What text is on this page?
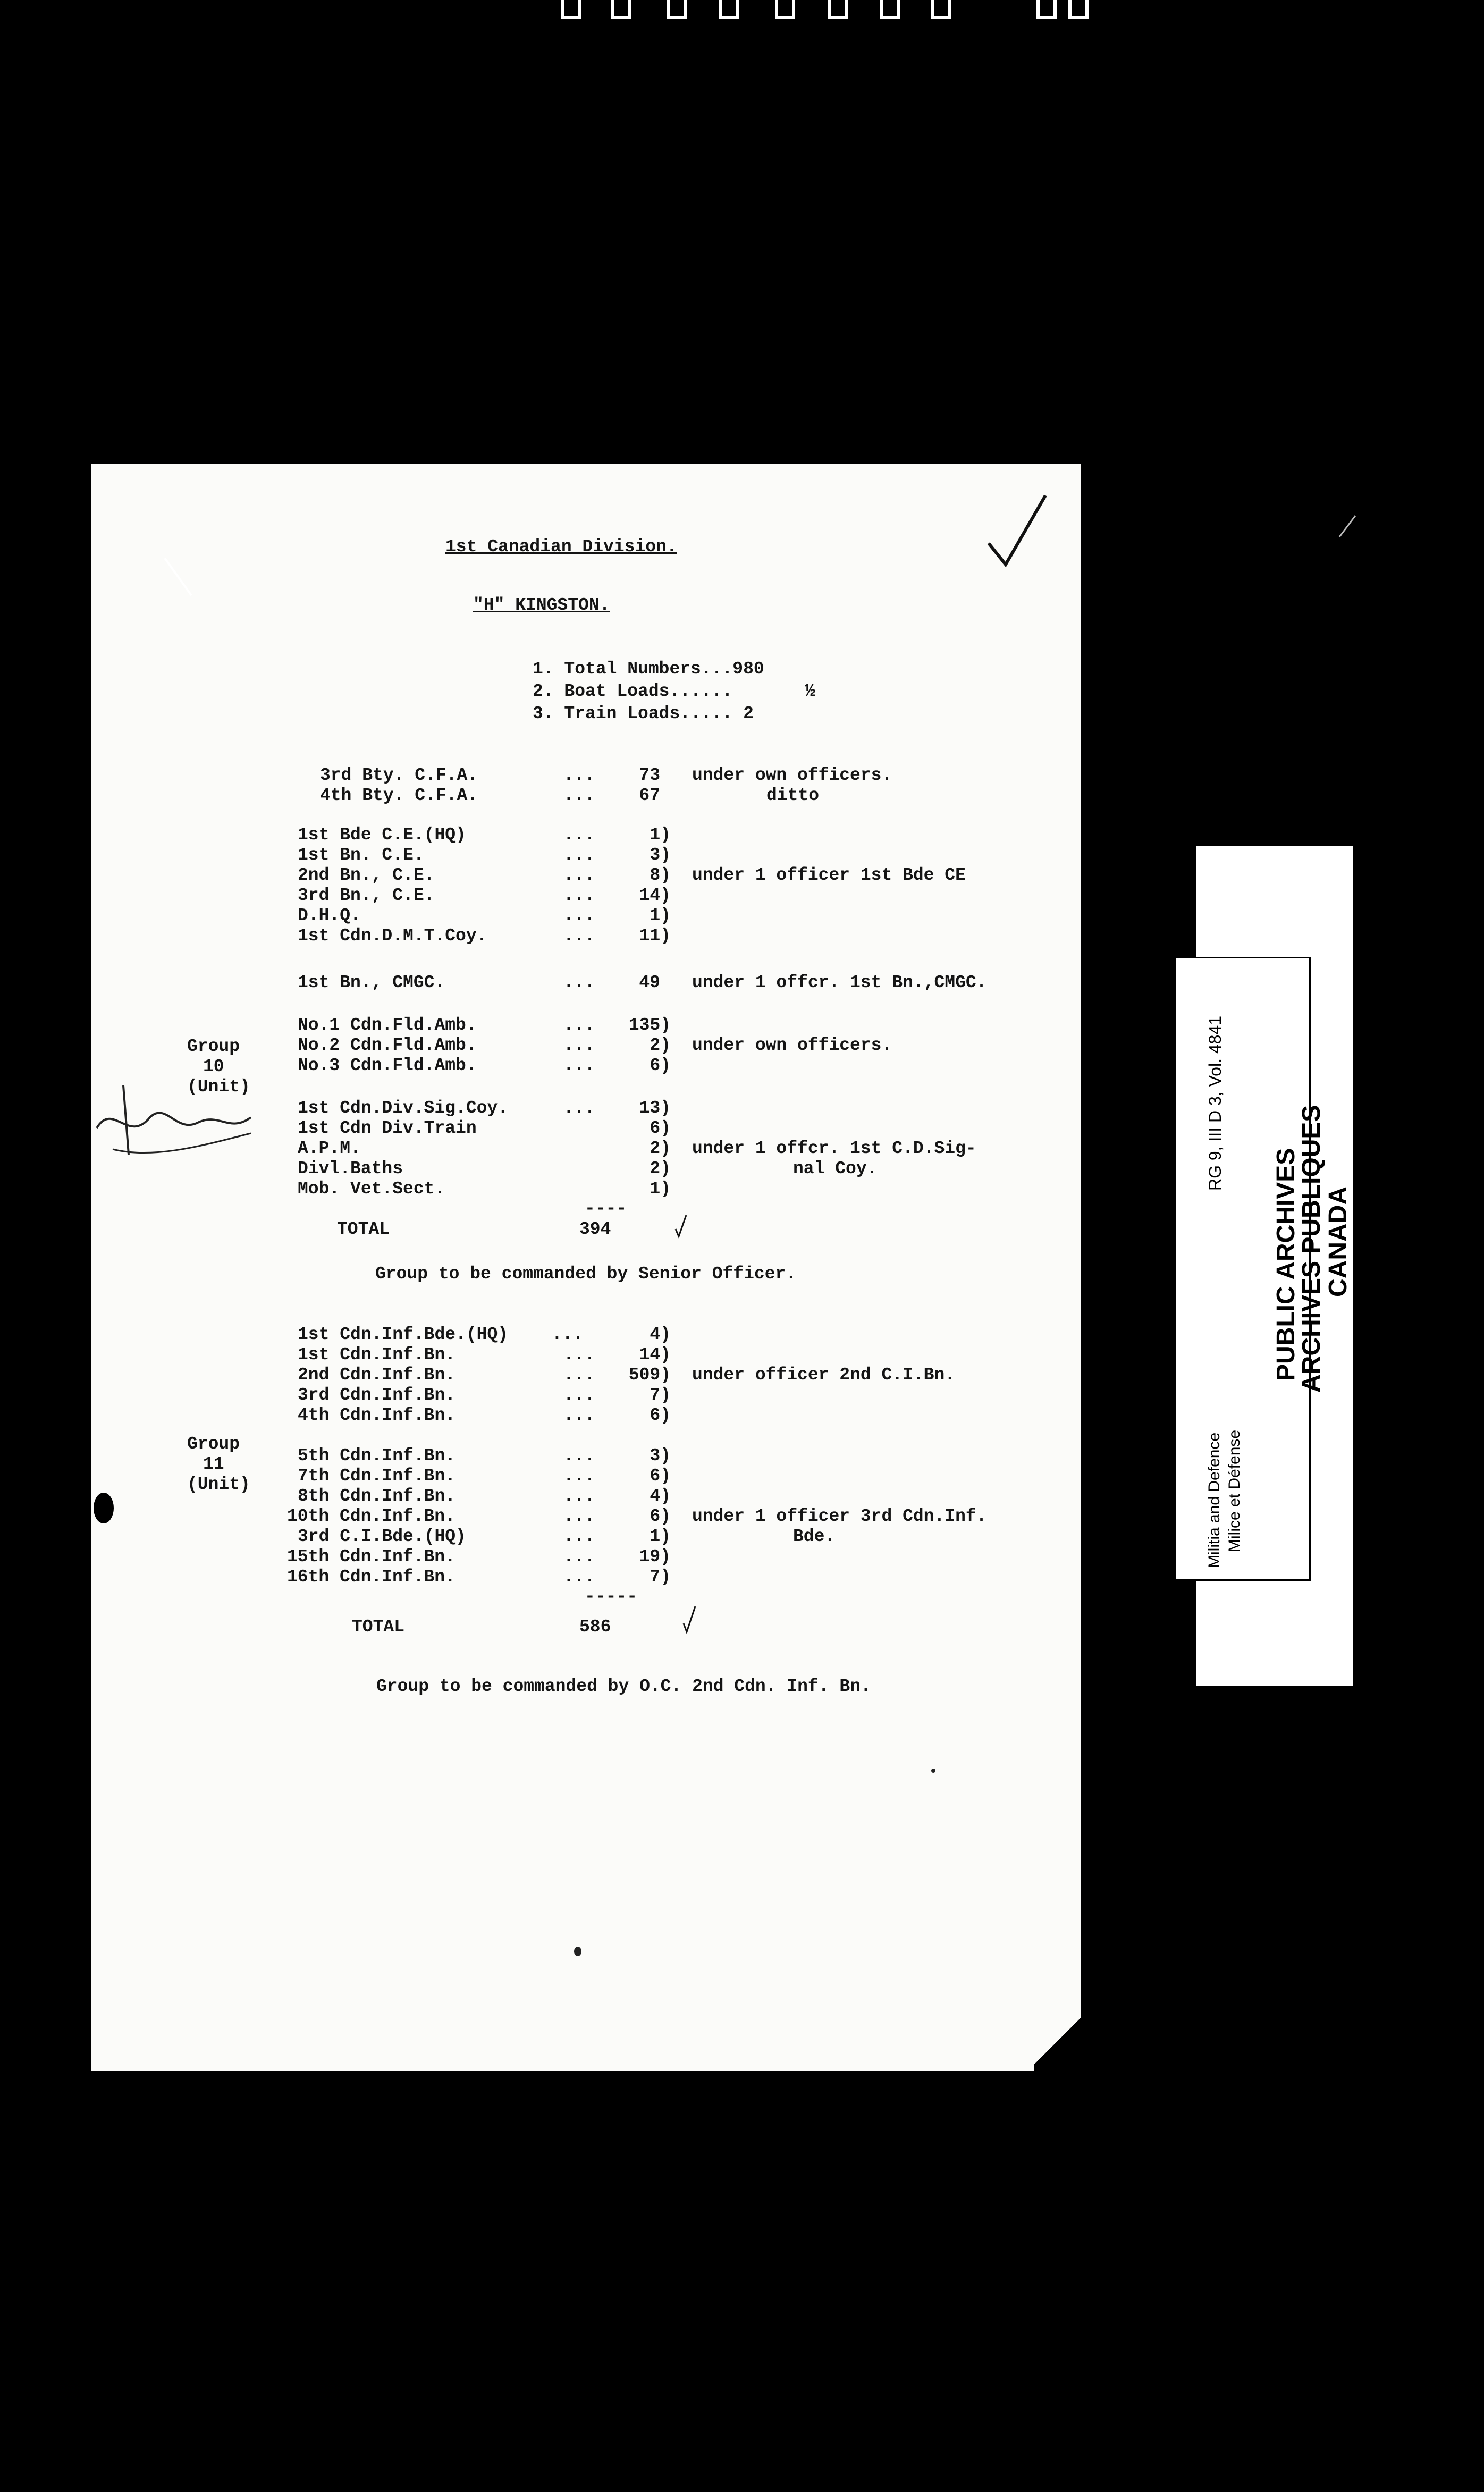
1st Canadian Division.
"H" KINGSTON.
1. Total Numbers...980
2. Boat Loads......	½
3. Train Loads..... 2
Group
10
(Unit)
Group
11
(Unit)
3rd Bty. C.F.A.	...	73 under own officers.
4th Bty. C.F.A.	...	67	ditto
1st Bde C.E.(HQ)	...	1)
1st Bn. C.E.	...	3)
2nd Bn., C.E.	...	8) under 1 officer 1st Bde CE
3rd Bn., C.E.	...	14)
D.H.Q.	...	1)
1st Cdn.D.M.T.Coy.	...	11)
1st Bn., CMGC.	...	49 under 1 offcr. 1st Bn.,CMGC.
No.1 Cdn.Fld.Amb.	...	135)
No.2 Cdn.Fld.Amb.	...	2) under own officers.
No.3 Cdn.Fld.Amb.	...	6)
1st Cdn.Div.Sig.Coy.	...	13)
1st Cdn Div.Train	6)
A.P.M.	2) under 1 offcr. 1st C.D.Sig-
Divl.Baths	2)	nal Coy.
Mob. Vet.Sect.	1)
----
TOTAL	394
Group to be commanded by Senior Officer.
1st Cdn.Inf.Bde.(HQ) ...	4)
1st Cdn.Inf.Bn.	...	14)
2nd Cdn.Inf.Bn.	...	509) under officer 2nd C.I.Bn.
3rd Cdn.Inf.Bn.	...	7)
4th Cdn.Inf.Bn.	...	6)
5th Cdn.Inf.Bn.	...	3)
7th Cdn.Inf.Bn.	...	6)
8th Cdn.Inf.Bn.	...	4)
10th Cdn.Inf.Bn.	...	6) under 1 officer 3rd Cdn.Inf.
3rd C.I.Bde.(HQ)	...	1)	Bde.
15th Cdn.Inf.Bn.	...	19)
16th Cdn.Inf.Bn.	...	7)
-----
TOTAL	586
Group to be commanded by O.C. 2nd Cdn. Inf. Bn.
PUBLIC ARCHIVES
ARCHIVES PUBLIQUES
CANADA
RG 9, III D 3, Vol. 4841
Militia and Defence Milice et Défense
